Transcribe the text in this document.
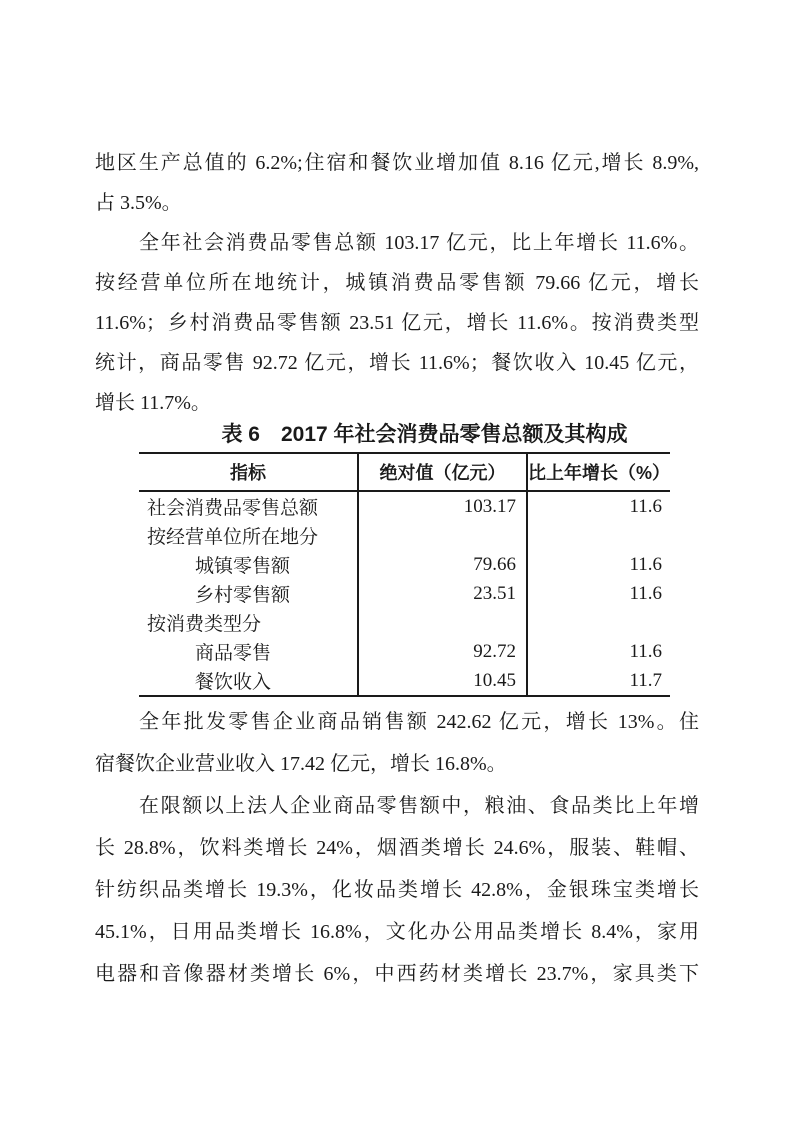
地区生产总值的 6.2%;住宿和餐饮业增加值 8.16 亿元,增长 8.9%,
占 3.5%。
全年社会消费品零售总额 103.17 亿元，比上年增长 11.6%。
按经营单位所在地统计，城镇消费品零售额 79.66 亿元，增长
11.6%；乡村消费品零售额 23.51 亿元，增长 11.6%。按消费类型
统计，商品零售 92.72 亿元，增长 11.6%；餐饮收入 10.45 亿元，
增长 11.7%。
表 6　2017 年社会消费品零售总额及其构成
指标	绝对值（亿元）	比上年增长（%）
社会消费品零售总额	103.17	11.6
按经营单位所在地分		
城镇零售额	79.66	11.6
乡村零售额	23.51	11.6
按消费类型分		
商品零售	92.72	11.6
餐饮收入	10.45	11.7
全年批发零售企业商品销售额 242.62 亿元，增长 13%。住
宿餐饮企业营业收入 17.42 亿元，增长 16.8%。
在限额以上法人企业商品零售额中，粮油、食品类比上年增
长 28.8%，饮料类增长 24%，烟酒类增长 24.6%，服装、鞋帽、
针纺织品类增长 19.3%，化妆品类增长 42.8%，金银珠宝类增长
45.1%，日用品类增长 16.8%，文化办公用品类增长 8.4%，家用
电器和音像器材类增长 6%，中西药材类增长 23.7%，家具类下
